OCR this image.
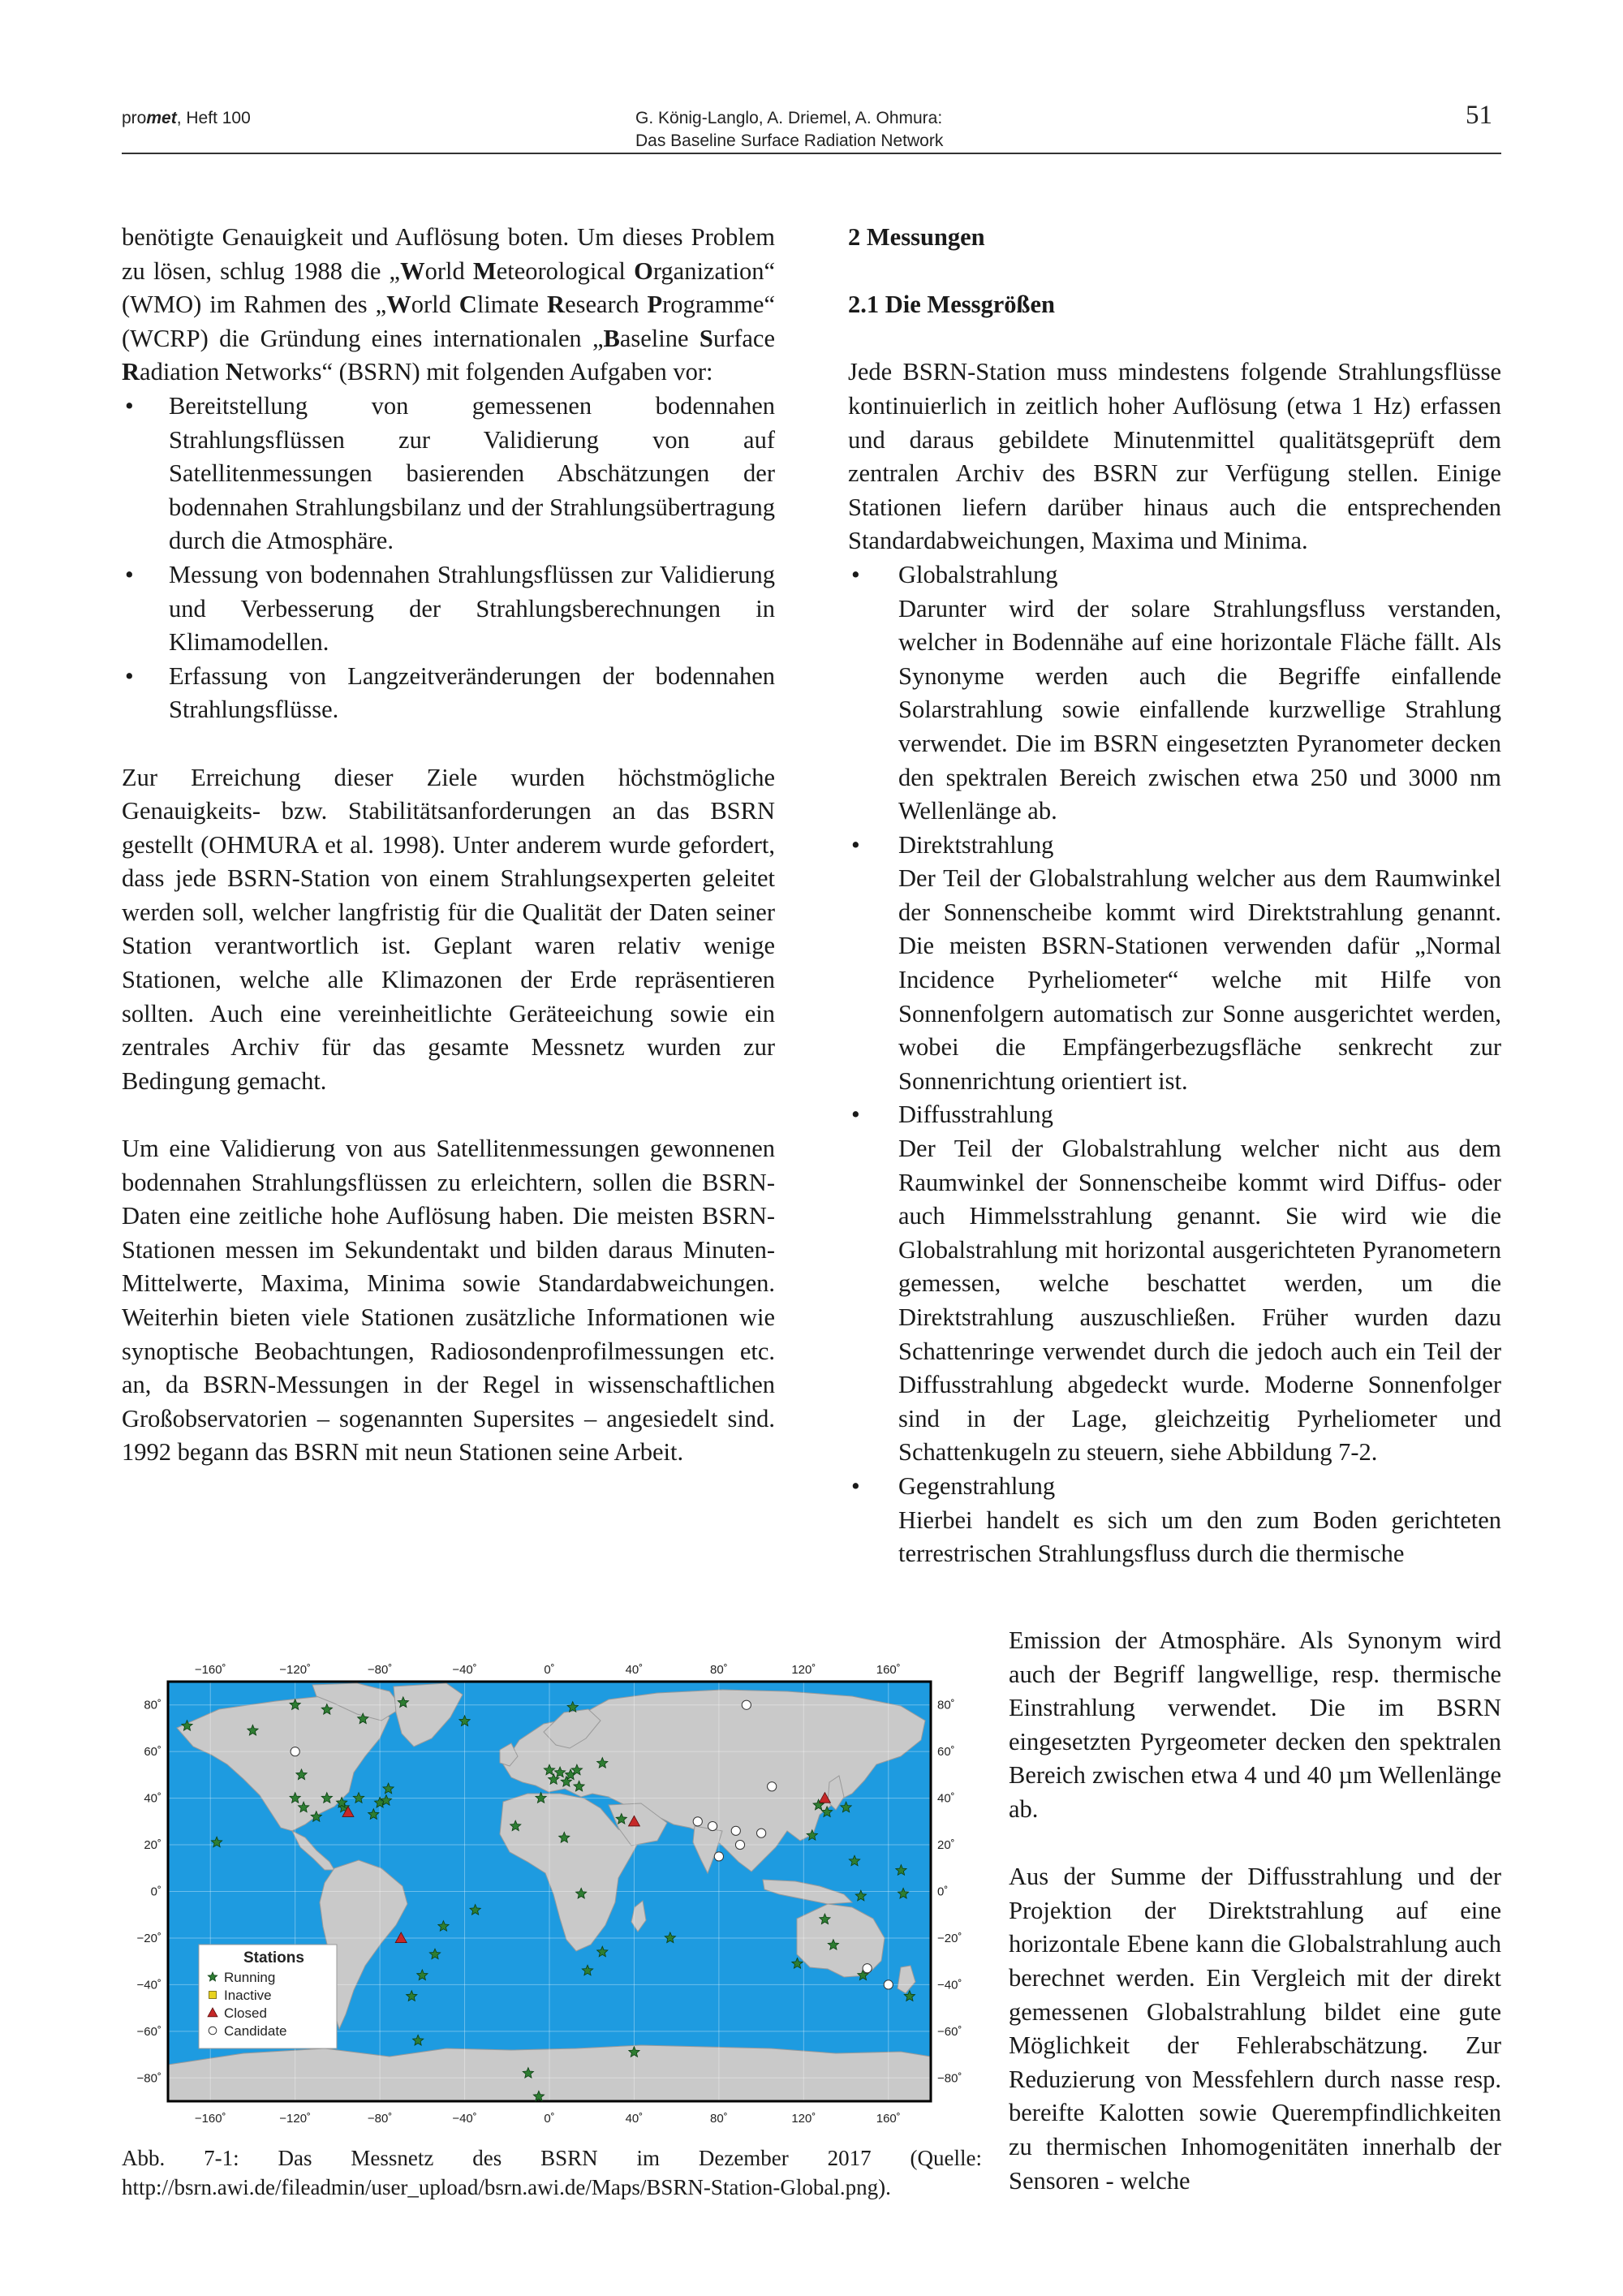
promet, Heft 100	G. König-Langlo, A. Driemel, A. Ohmura:
Das Baseline Surface Radiation Network
51

benötigte Genauigkeit und Auflösung boten. Um dieses Problem zu lösen, schlug 1988 die „World Meteorological Organization“ (WMO) im Rahmen des „World Climate Research Programme“ (WCRP) die Gründung eines internationalen „Baseline Surface Radiation Networks“ (BSRN) mit folgenden Aufgaben vor:

• Bereitstellung von gemessenen bodennahen Strahlungsflüssen zur Validierung von auf Satellitenmessungen basierenden Abschätzungen der bodennahen Strahlungsbilanz und der Strahlungsübertragung durch die Atmosphäre.
• Messung von bodennahen Strahlungsflüssen zur Validierung und Verbesserung der Strahlungsberechnungen in Klimamodellen.
• Erfassung von Langzeitveränderungen der bodennahen Strahlungsflüsse.

Zur Erreichung dieser Ziele wurden höchstmögliche Genauigkeits- bzw. Stabilitätsanforderungen an das BSRN gestellt (OHMURA et al. 1998). Unter anderem wurde gefordert, dass jede BSRN-Station von einem Strahlungsexperten geleitet werden soll, welcher langfristig für die Qualität der Daten seiner Station verantwortlich ist. Geplant waren relativ wenige Stationen, welche alle Klimazonen der Erde repräsentieren sollten. Auch eine vereinheitlichte Geräteeichung sowie ein zentrales Archiv für das gesamte Messnetz wurden zur Bedingung gemacht.

Um eine Validierung von aus Satellitenmessungen gewonnenen bodennahen Strahlungsflüssen zu erleichtern, sollen die BSRN-Daten eine zeitliche hohe Auflösung haben. Die meisten BSRN-Stationen messen im Sekundentakt und bilden daraus Minuten-Mittelwerte, Maxima, Minima sowie Standardabweichungen. Weiterhin bieten viele Stationen zusätzliche Informationen wie synoptische Beobachtungen, Radiosondenprofilmessungen etc. an, da BSRN-Messungen in der Regel in wissenschaftlichen Großobservatorien – sogenannten Supersites – angesiedelt sind. 1992 begann das BSRN mit neun Stationen seine Arbeit.

2 Messungen
2.1 Die Messgrößen

Jede BSRN-Station muss mindestens folgende Strahlungsflüsse kontinuierlich in zeitlich hoher Auflösung (etwa 1 Hz) erfassen und daraus gebildete Minutenmittel qualitätsgeprüft dem zentralen Archiv des BSRN zur Verfügung stellen. Einige Stationen liefern darüber hinaus auch die entsprechenden Standardabweichungen, Maxima und Minima.

• Globalstrahlung
Darunter wird der solare Strahlungsfluss verstanden, welcher in Bodennähe auf eine horizontale Fläche fällt. Als Synonyme werden auch die Begriffe einfallende Solarstrahlung sowie einfallende kurzwellige Strahlung verwendet. Die im BSRN eingesetzten Pyranometer decken den spektralen Bereich zwischen etwa 250 und 3000 nm Wellenlänge ab.
• Direktstrahlung
Der Teil der Globalstrahlung welcher aus dem Raumwinkel der Sonnenscheibe kommt wird Direktstrahlung genannt. Die meisten BSRN-Stationen verwenden dafür „Normal Incidence Pyrheliometer“ welche mit Hilfe von Sonnenfolgern automatisch zur Sonne ausgerichtet werden, wobei die Empfängerbezugsfläche senkrecht zur Sonnenrichtung orientiert ist.
• Diffusstrahlung
Der Teil der Globalstrahlung welcher nicht aus dem Raumwinkel der Sonnenscheibe kommt wird Diffus- oder auch Himmelsstrahlung genannt. Sie wird wie die Globalstrahlung mit horizontal ausgerichteten Pyranometern gemessen, welche beschattet werden, um die Direktstrahlung auszuschließen. Früher wurden dazu Schattenringe verwendet durch die jedoch auch ein Teil der Diffusstrahlung abgedeckt wurde. Moderne Sonnenfolger sind in der Lage, gleichzeitig Pyrheliometer und Schattenkugeln zu steuern, siehe Abbildung 7-2.
• Gegenstrahlung
Hierbei handelt es sich um den zum Boden gerichteten terrestrischen Strahlungsfluss durch die thermische

Emission der Atmosphäre. Als Synonym wird auch der Begriff langwellige, resp. thermische Einstrahlung verwendet. Die im BSRN eingesetzten Pyrgeometer decken den spektralen Bereich zwischen etwa 4 und 40 µm Wellenlänge ab.

Aus der Summe der Diffusstrahlung und der Projektion der Direktstrahlung auf eine horizontale Ebene kann die Globalstrahlung auch berechnet werden. Ein Vergleich mit der direkt gemessenen Globalstrahlung bildet eine gute Möglichkeit der Fehlerabschätzung. Zur Reduzierung von Messfehlern durch nasse resp. bereifte Kalotten sowie Querempfindlichkeiten zu thermischen Inhomogenitäten innerhalb der Sensoren - welche

−160˚
−160˚
−120˚
−120˚
−80˚
−80˚
−40˚
−40˚
0˚
0˚
40˚
40˚
80˚
80˚
120˚
120˚
160˚
160˚
80˚	80˚
60˚	60˚
40˚	40˚
20˚	20˚
0˚	0˚
−20˚	−20˚
−40˚	−40˚
−60˚	−60˚
−80˚	−80˚
Stations
Running
Inactive
Closed
Candidate
Abb. 7-1: Das Messnetz des BSRN im Dezember 2017 (Quelle: http://bsrn.awi.de/fileadmin/user_upload/bsrn.awi.de/Maps/BSRN-Station-Global.png).
